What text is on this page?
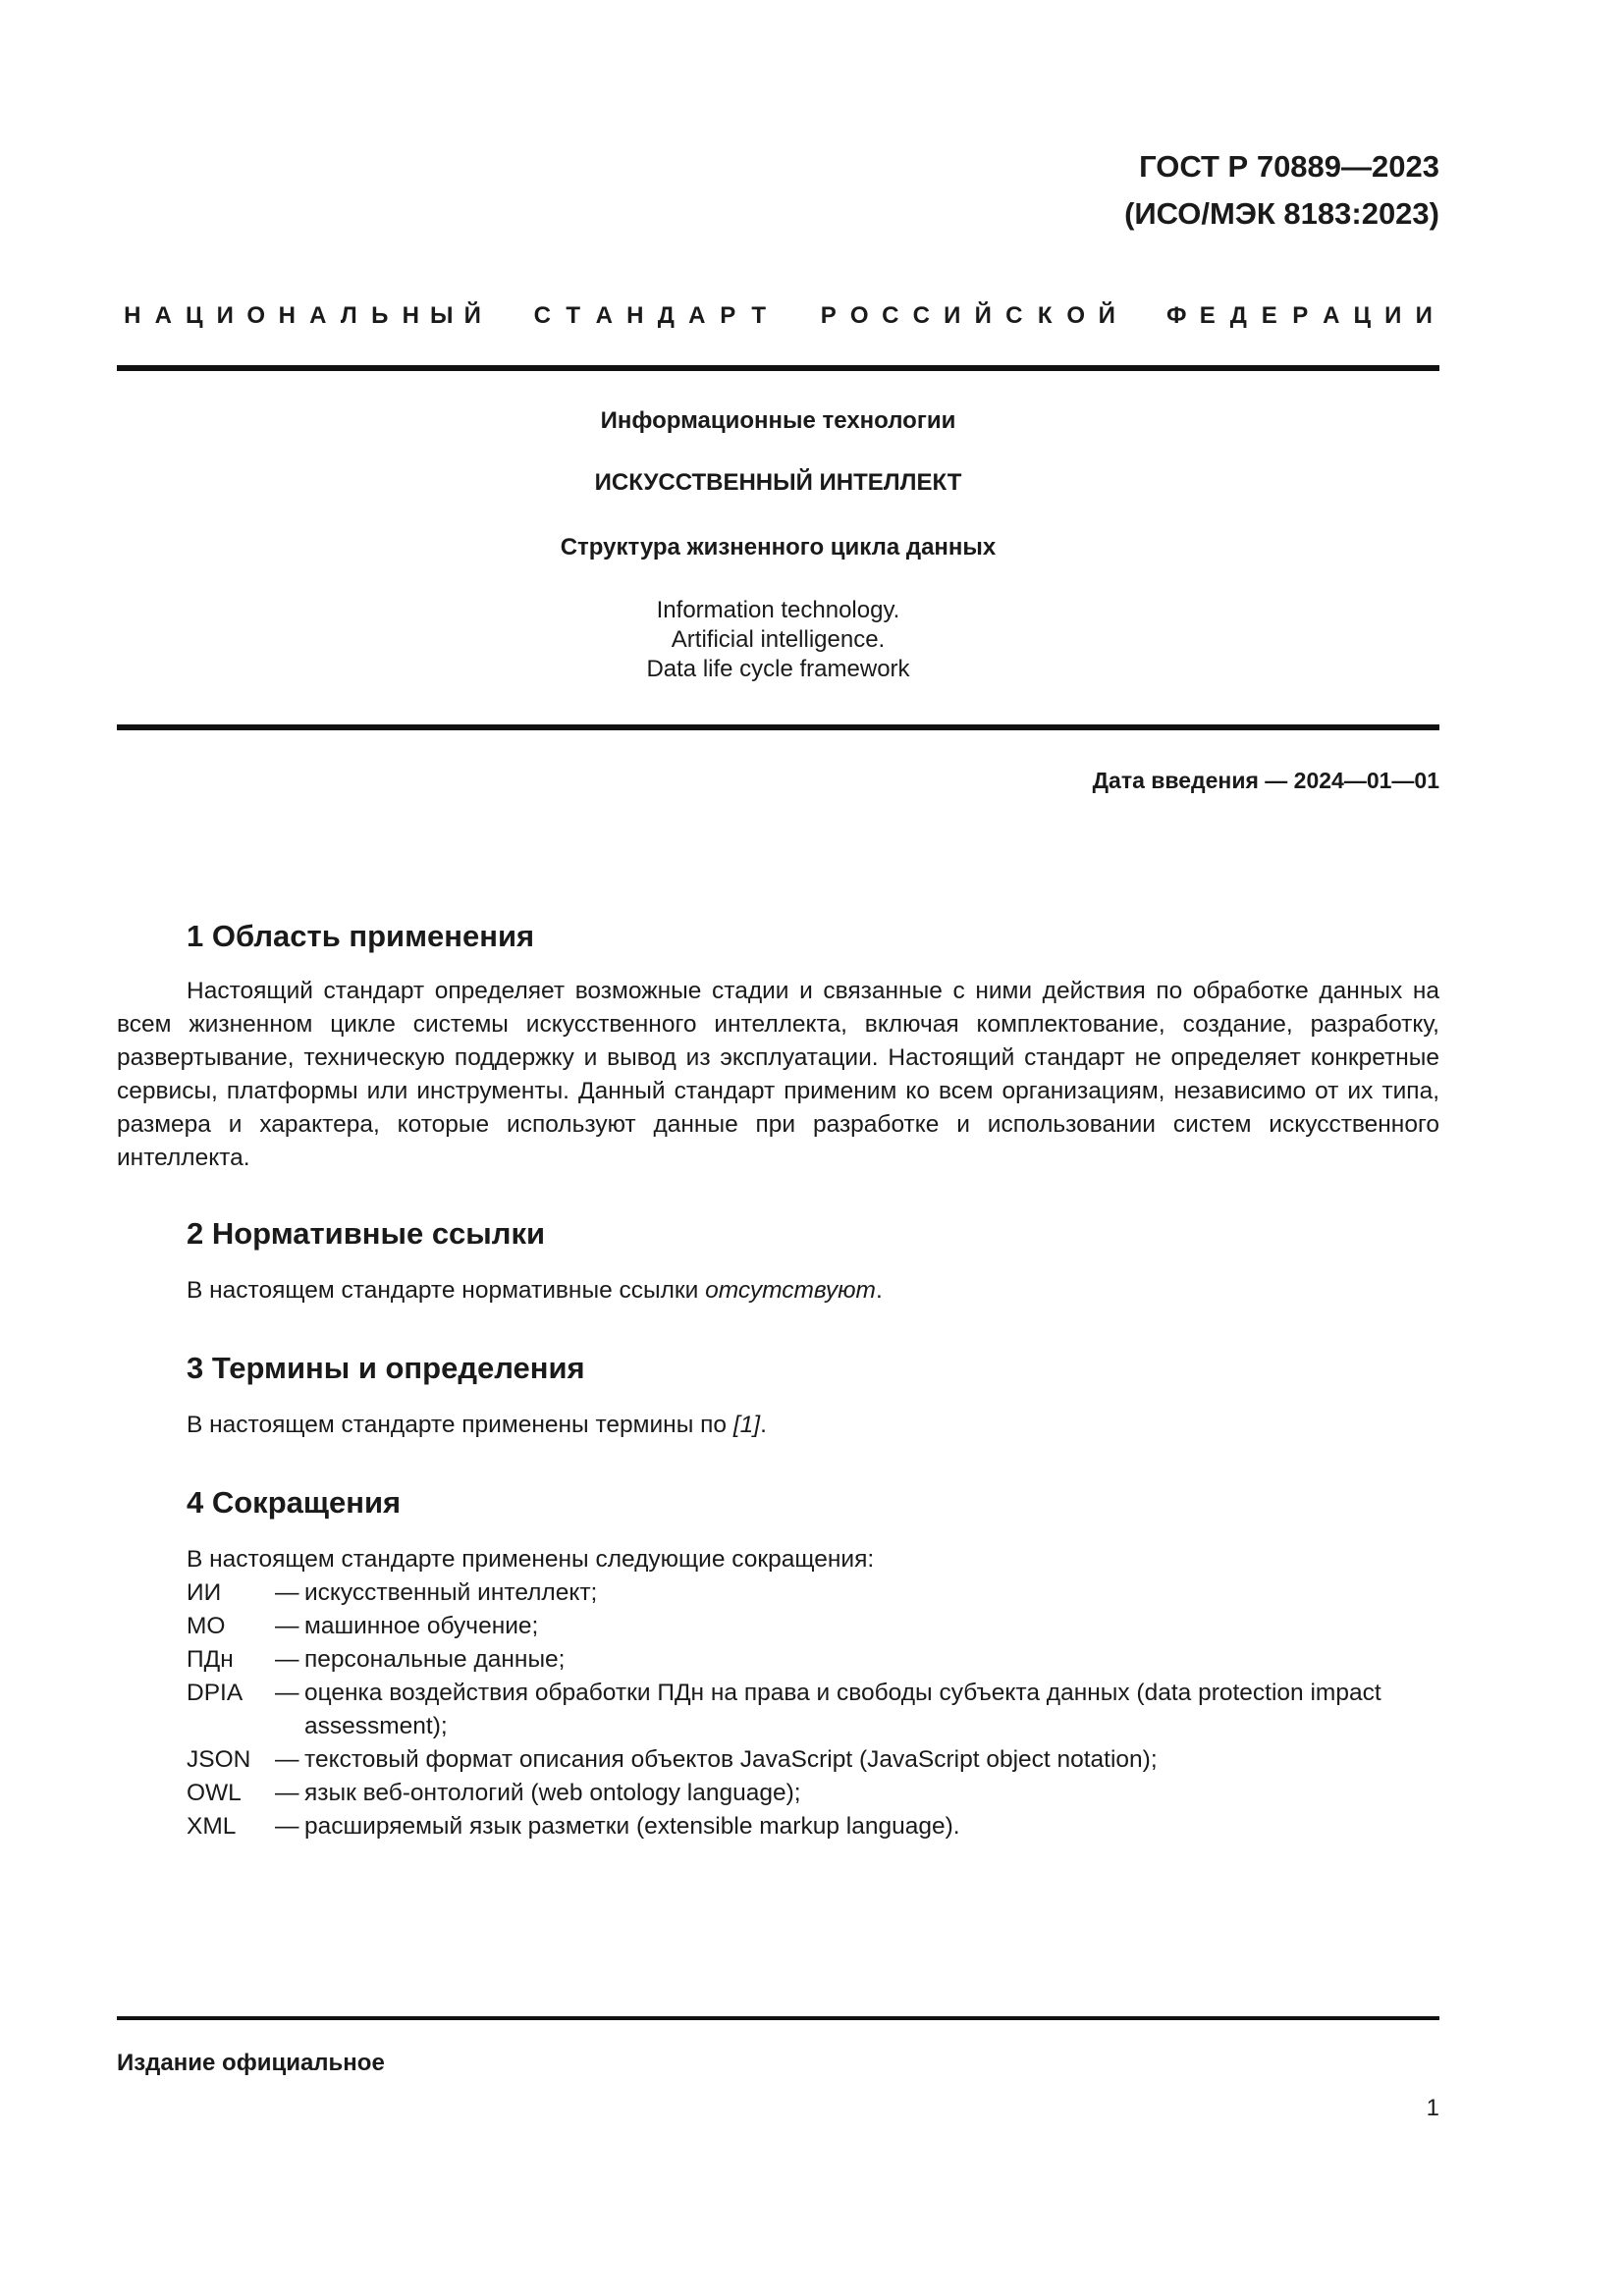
ГОСТ Р 70889—2023
(ИСО/МЭК 8183:2023)
Н А Ц И О Н А Л Ь Н Ы Й С Т А Н Д А Р Т	Р О С С И Й С К О Й Ф Е Д Е Р А Ц И И
Информационные технологии
ИСКУССТВЕННЫЙ ИНТЕЛЛЕКТ
Структура жизненного цикла данных
Information technology.
Artificial intelligence.
Data life cycle framework
Дата введения — 2024—01—01
1 Область применения
Настоящий стандарт определяет возможные стадии и связанные с ними действия по обработке данных на всем жизненном цикле системы искусственного интеллекта, включая комплектование, создание, разработку, развертывание, техническую поддержку и вывод из эксплуатации. Настоящий стандарт не определяет конкретные сервисы, платформы или инструменты. Данный стандарт применим ко всем организациям, независимо от их типа, размера и характера, которые используют данные при разработке и использовании систем искусственного интеллекта.
2 Нормативные ссылки
В настоящем стандарте нормативные ссылки отсутствуют.
3 Термины и определения
В настоящем стандарте применены термины по [1].
4 Сокращения
В настоящем стандарте применены следующие сокращения:
ИИ	— искусственный интеллект;
МО	— машинное обучение;
ПДн	— персональные данные;
DPIA	— оценка воздействия обработки ПДн на права и свободы субъекта данных (data protection impact assessment);
JSON	— текстовый формат описания объектов JavaScript (JavaScript object notation);
OWL	— язык веб-онтологий (web ontology language);
XML	— расширяемый язык разметки (extensible markup language).
Издание официальное
1
